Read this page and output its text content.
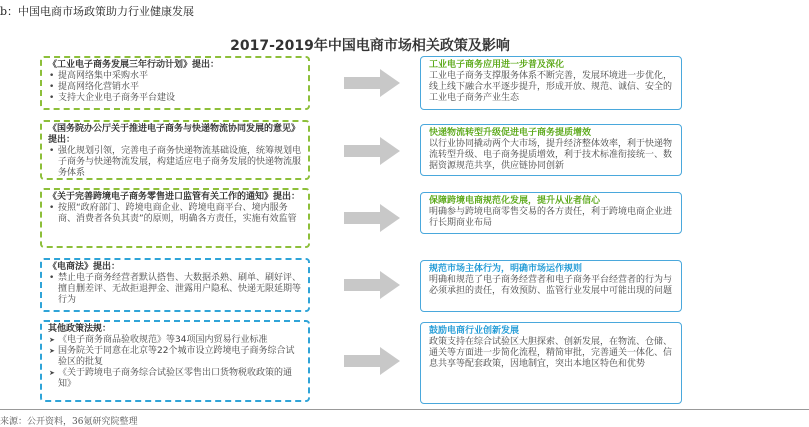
b：中国电商市场政策助力行业健康发展
2017-2019年中国电商市场相关政策及影响
《工业电子商务发展三年行动计划》提出：
• 提高网络集中采购水平
• 提高网络化营销水平
• 支持大企业电子商务平台建设
《国务院办公厅关于推进电子商务与快递物流协同发展的意见》提出：
• 强化规划引领，完善电子商务快递物流基础设施，统筹规划电子商务与快递物流发展，构建适应电子商务发展的快递物流服务体系
《关于完善跨境电子商务零售进口监管有关工作的通知》提出：
• 按照“政府部门、跨境电商企业、跨境电商平台、境内服务商、消费者各负其责”的原则，明确各方责任，实施有效监管
《电商法》提出：
• 禁止电子商务经营者默认搭售、大数据杀熟、刷单、刷好评、擅自删差评、无故拒退押金、泄露用户隐私、快递无限延期等行为
其他政策法规：
➤ 《电子商务商品验收规范》等34项国内贸易行业标准
➤ 国务院关于同意在北京等22个城市设立跨境电子商务综合试验区的批复
➤ 《关于跨境电子商务综合试验区零售出口货物税收政策的通知》
工业电子商务应用进一步普及深化
工业电子商务支撑服务体系不断完善，发展环境进一步优化，线上线下融合水平逐步提升，形成开放、规范、诚信、安全的工业电子商务产业生态
快递物流转型升级促进电子商务提质增效
以行业协同撬动两个大市场，提升经济整体效率，利于快递物流转型升级、电子商务提质增效，利于技术标准衔接统一、数据资源规范共享，供应链协同创新
保障跨境电商规范化发展，提升从业者信心
明确参与跨境电商零售交易的各方责任，利于跨境电商企业进行长期商业布局
规范市场主体行为，明确市场运作规则
明确和规范了电子商务经营者和电子商务平台经营者的行为与必须承担的责任，有效预防、监管行业发展中可能出现的问题
鼓励电商行业创新发展
政策支持在综合试验区大胆探索、创新发展，在物流、仓储、通关等方面进一步简化流程，精简审批，完善通关一体化、信息共享等配套政策，因地制宜，突出本地区特色和优势
来源：公开资料，36氪研究院整理
